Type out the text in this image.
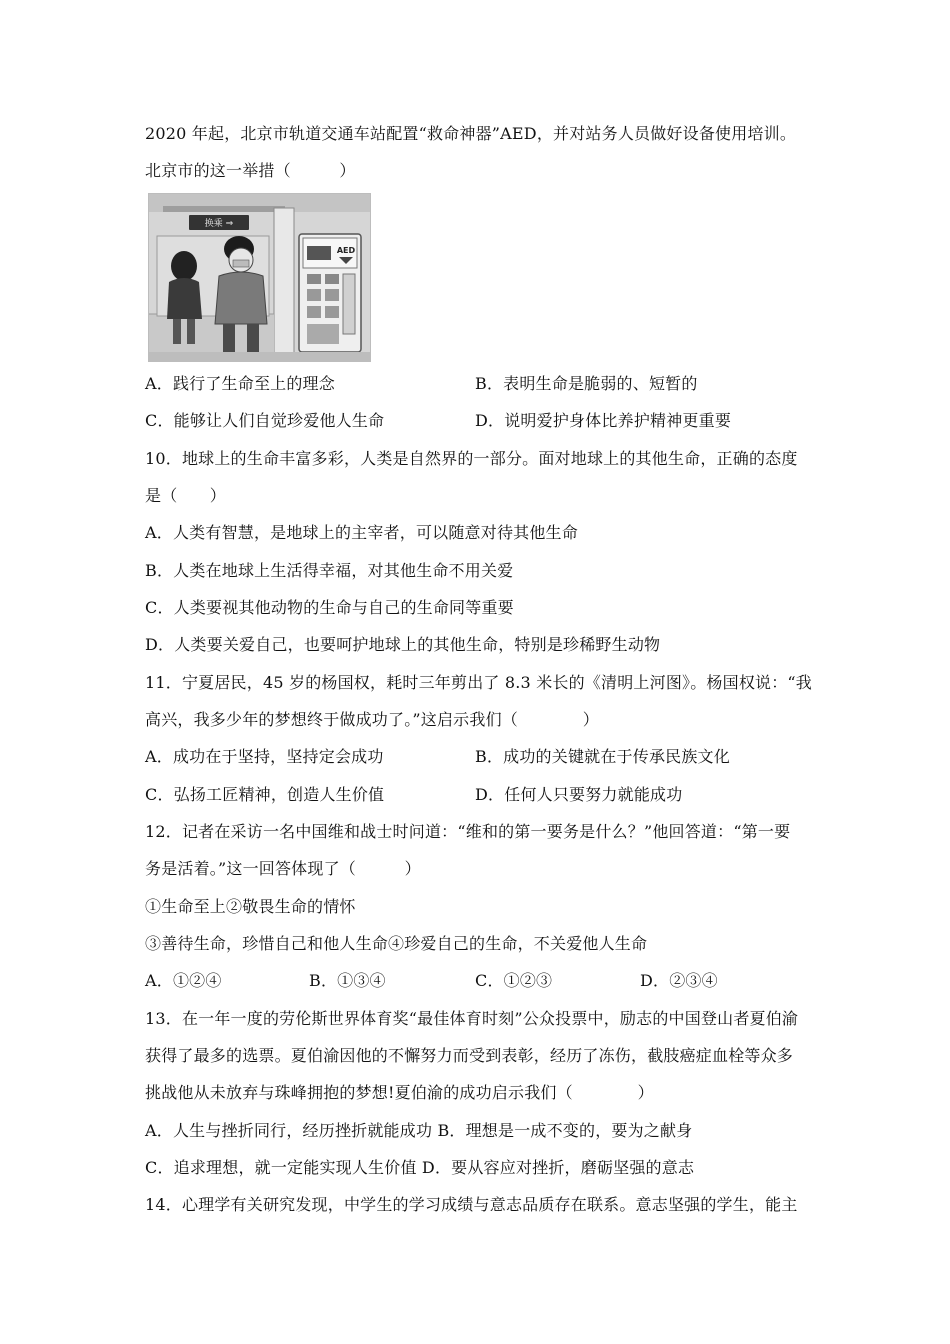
2020 年起，北京市轨道交通车站配置“救命神器”AED，并对站务人员做好设备使用培训。
北京市的这一举措（　　　）
换乘 ⇒
AED
A．践行了生命至上的理念	B．表明生命是脆弱的、短暂的
C．能够让人们自觉珍爱他人生命	D．说明爱护身体比养护精神更重要
10．地球上的生命丰富多彩，人类是自然界的一部分。面对地球上的其他生命，正确的态度
是（　　）
A．人类有智慧，是地球上的主宰者，可以随意对待其他生命
B．人类在地球上生活得幸福，对其他生命不用关爱
C．人类要视其他动物的生命与自己的生命同等重要
D．人类要关爱自己，也要呵护地球上的其他生命，特别是珍稀野生动物
11．宁夏居民，45 岁的杨国权，耗时三年剪出了 8.3 米长的《清明上河图》。杨国权说：“我
高兴，我多少年的梦想终于做成功了。”这启示我们（　　　　）
A．成功在于坚持，坚持定会成功	B．成功的关键就在于传承民族文化
C．弘扬工匠精神，创造人生价值	D．任何人只要努力就能成功
12．记者在采访一名中国维和战士时问道：“维和的第一要务是什么？”他回答道：“第一要
务是活着。”这一回答体现了（　　　）
①生命至上②敬畏生命的情怀
③善待生命，珍惜自己和他人生命④珍爱自己的生命，不关爱他人生命
A．①②④	B．①③④	C．①②③	D．②③④
13．在一年一度的劳伦斯世界体育奖“最佳体育时刻”公众投票中，励志的中国登山者夏伯渝
获得了最多的选票。夏伯渝因他的不懈努力而受到表彰，经历了冻伤，截肢癌症血栓等众多
挑战他从未放弃与珠峰拥抱的梦想!夏伯渝的成功启示我们（　　　　）
A．人生与挫折同行，经历挫折就能成功 B．理想是一成不变的，要为之献身
C．追求理想，就一定能实现人生价值 D．要从容应对挫折，磨砺坚强的意志
14．心理学有关研究发现，中学生的学习成绩与意志品质存在联系。意志坚强的学生，能主
